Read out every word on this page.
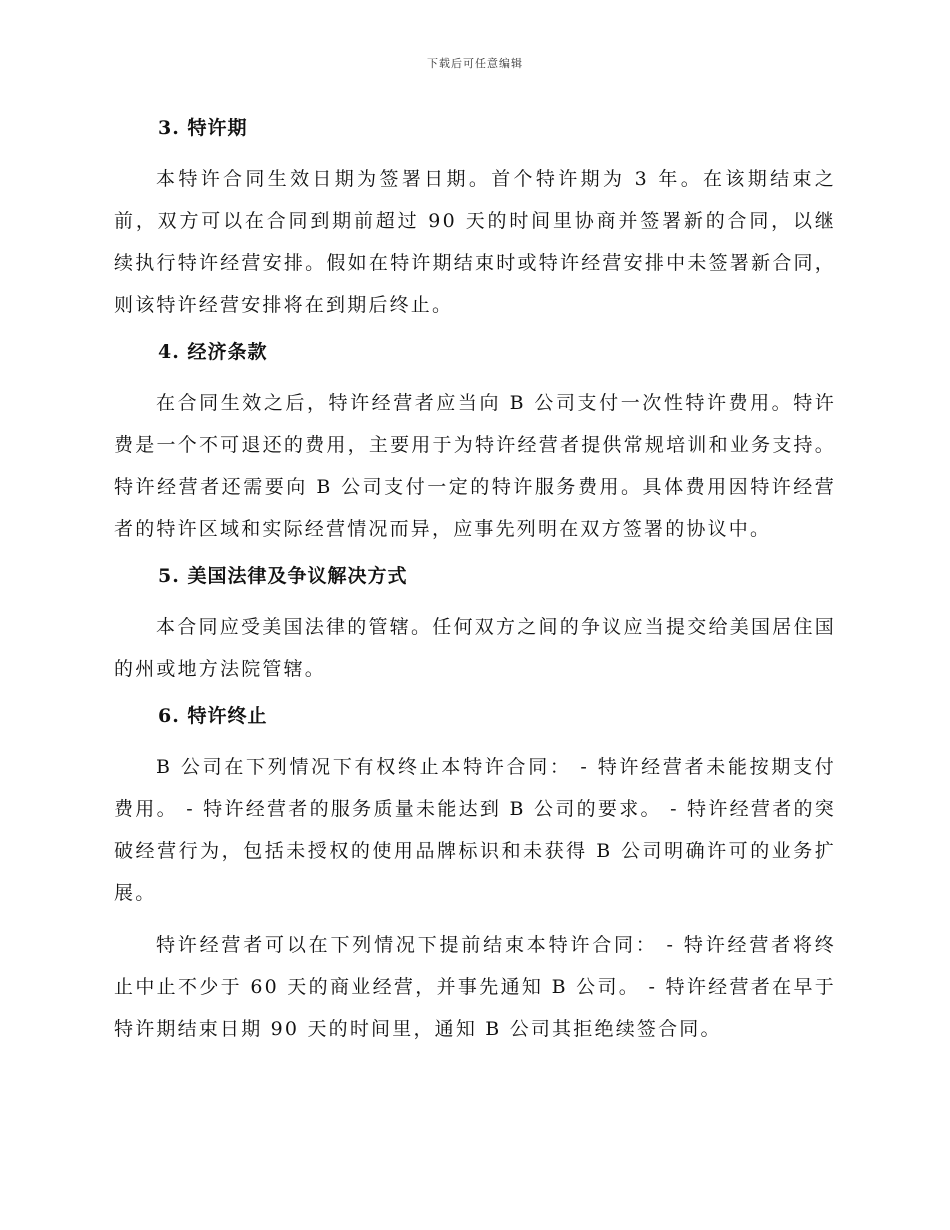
下载后可任意编辑
3. 特许期

本特许合同生效日期为签署日期。首个特许期为 3 年。在该期结束之前，双方可以在合同到期前超过 90 天的时间里协商并签署新的合同，以继续执行特许经营安排。假如在特许期结束时或特许经营安排中未签署新合同，则该特许经营安排将在到期后终止。

4. 经济条款

在合同生效之后，特许经营者应当向 B 公司支付一次性特许费用。特许费是一个不可退还的费用，主要用于为特许经营者提供常规培训和业务支持。 特许经营者还需要向 B 公司支付一定的特许服务费用。具体费用因特许经营者的特许区域和实际经营情况而异，应事先列明在双方签署的协议中。

5. 美国法律及争议解决方式

本合同应受美国法律的管辖。任何双方之间的争议应当提交给美国居住国的州或地方法院管辖。

6. 特许终止

B 公司在下列情况下有权终止本特许合同： - 特许经营者未能按期支付费用。 - 特许经营者的服务质量未能达到 B 公司的要求。 - 特许经营者的突破经营行为，包括未授权的使用品牌标识和未获得 B 公司明确许可的业务扩展。

特许经营者可以在下列情况下提前结束本特许合同： - 特许经营者将终止中止不少于 60 天的商业经营，并事先通知 B 公司。 - 特许经营者在早于特许期结束日期 90 天的时间里，通知 B 公司其拒绝续签合同。
